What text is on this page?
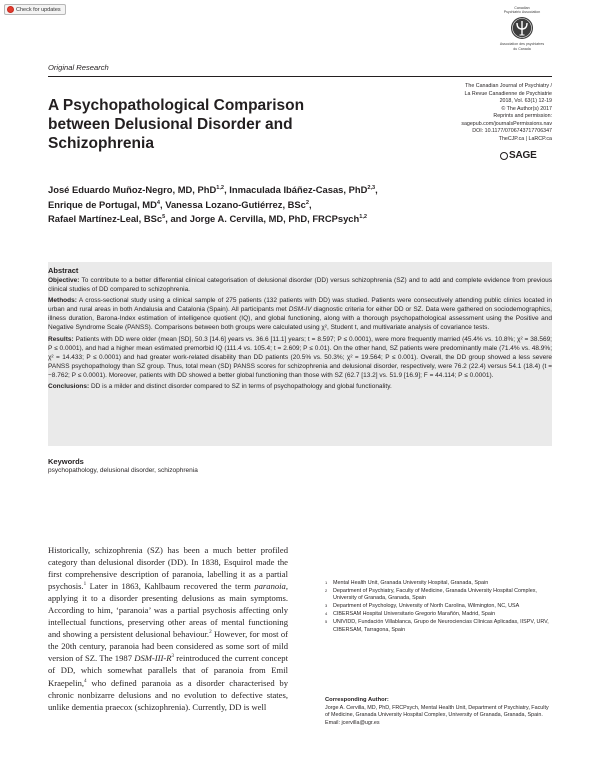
Check for updates	Canadian
Psychiatric Association
Association des psychiatres
du Canada
Original Research
A Psychopathological Comparison between Delusional Disorder and Schizophrenia
The Canadian Journal of Psychiatry /
La Revue Canadienne de Psychiatrie
2018, Vol. 63(1) 12-19
© The Author(s) 2017
Reprints and permission:
sagepub.com/journalsPermissions.nav
DOI: 10.1177/0706743717706347
TheCJP.ca | LaRCP.ca
SAGE
José Eduardo Muñoz-Negro, MD, PhD$^{1,2}$, Inmaculada Ibáñez-Casas, PhD$^{2,3}$,
Enrique de Portugal, $MD^4$, Vanessa Lozano-Gutiérrez, BSc$^2$,
Rafael Martínez-Leal, BSc$^5$, and Jorge A. Cervilla, MD, PhD, FRCPsych$^{1,2}$
Abstract

Objective: To contribute to a better differential clinical categorisation of delusional disorder (DD) versus schizophrenia (SZ) and to add and complete evidence from previous clinical studies of DD compared to schizophrenia.

Methods: A cross-sectional study using a clinical sample of 275 patients (132 patients with DD) was studied. Patients were consecutively attending public clinics located in urban and rural areas in both Andalusia and Catalonia (Spain). All participants met DSM-IV diagnostic criteria for either DD or SZ. Data were gathered on sociodemographics, illness duration, Barona-Index estimation of intelligence quotient (IQ), and global functioning, along with a thorough psychopathological assessment using the Positive and Negative Syndrome Scale (PANSS). Comparisons between both groups were calculated using χ², Student t, and multivariate analysis of covariance tests.

Results: Patients with DD were older (mean [SD], 50.3 [14.6] years vs. 36.6 [11.1] years; t = 8.597; P ≤ 0.0001), were more frequently married (45.4% vs. 10.8%; χ² = 38.569; P ≤ 0.0001), and had a higher mean estimated premorbid IQ (111.4 vs. 105.4; t = 2.609; P ≤ 0.01). On the other hand, SZ patients were predominantly male (71.4% vs. 48.9%; χ² = 14.433; P ≤ 0.0001) and had greater work-related disability than DD patients (20.5% vs. 50.3%; χ² = 19.564; P ≤ 0.001). Overall, the DD group showed a less severe PANSS psychopathology than SZ group. Thus, total mean (SD) PANSS scores for schizophrenia and delusional disorder, respectively, were 76.2 (22.4) versus 54.1 (18.4) (t = −8.762; P ≤ 0.0001). Moreover, patients with DD showed a better global functioning than those with SZ (62.7 [13.2] vs. 51.9 [16.9]; F = 44.114; P ≤ 0.0001).

Conclusions: DD is a milder and distinct disorder compared to SZ in terms of psychopathology and global functionality.

Keywords
psychopathology, delusional disorder, schizophrenia
Historically, schizophrenia (SZ) has been a much better profiled category than delusional disorder (DD). In 1838, Esquirol made the first comprehensive description of paranoia, labelling it as a partial psychosis.$^1$ Later in 1863, Kahlbaum recovered the term paranoia, applying it to a disorder presenting delusions as main symptoms. According to him, ‘paranoia’ was a partial psychosis affecting only intellectual functions, preserving other areas of mental functioning and showing a persistent delusional behaviour.$^2$ However, for most of the 20th century, paranoia had been considered as some sort of mild version of SZ. The 1987 DSM-$III-R^3$ reintroduced the current concept of DD, which somewhat parallels that of paranoia from Emil Kraepelin,$^4$ who defined paranoia as a disorder characterised by chronic nonbizarre delusions and no evolution to defective states, unlike dementia praecox (schizophrenia). Currently, DD is well
1 Mental Health Unit, Granada University Hospital, Granada, Spain
2 Department of Psychiatry, Faculty of Medicine, Granada University Hospital Complex, University of Granada, Granada, Spain
3 Department of Psychology, University of North Carolina, Wilmington, NC, USA
4 CIBERSAM Hospital Universitario Gregorio Marañón, Madrid, Spain
5 UNIVIDD, Fundación Villablanca, Grupo de Neurociencias Clínicas Aplicadas, IISPV, URV, CIBERSAM, Tarragona, Spain
Corresponding Author:
Jorge A. Cervilla, MD, PhD, FRCPsych, Mental Health Unit, Department of Psychiatry, Faculty of Medicine, Granada University Hospital Complex, University of Granada, Granada, Spain.
Email: jcervilla@ugr.es
